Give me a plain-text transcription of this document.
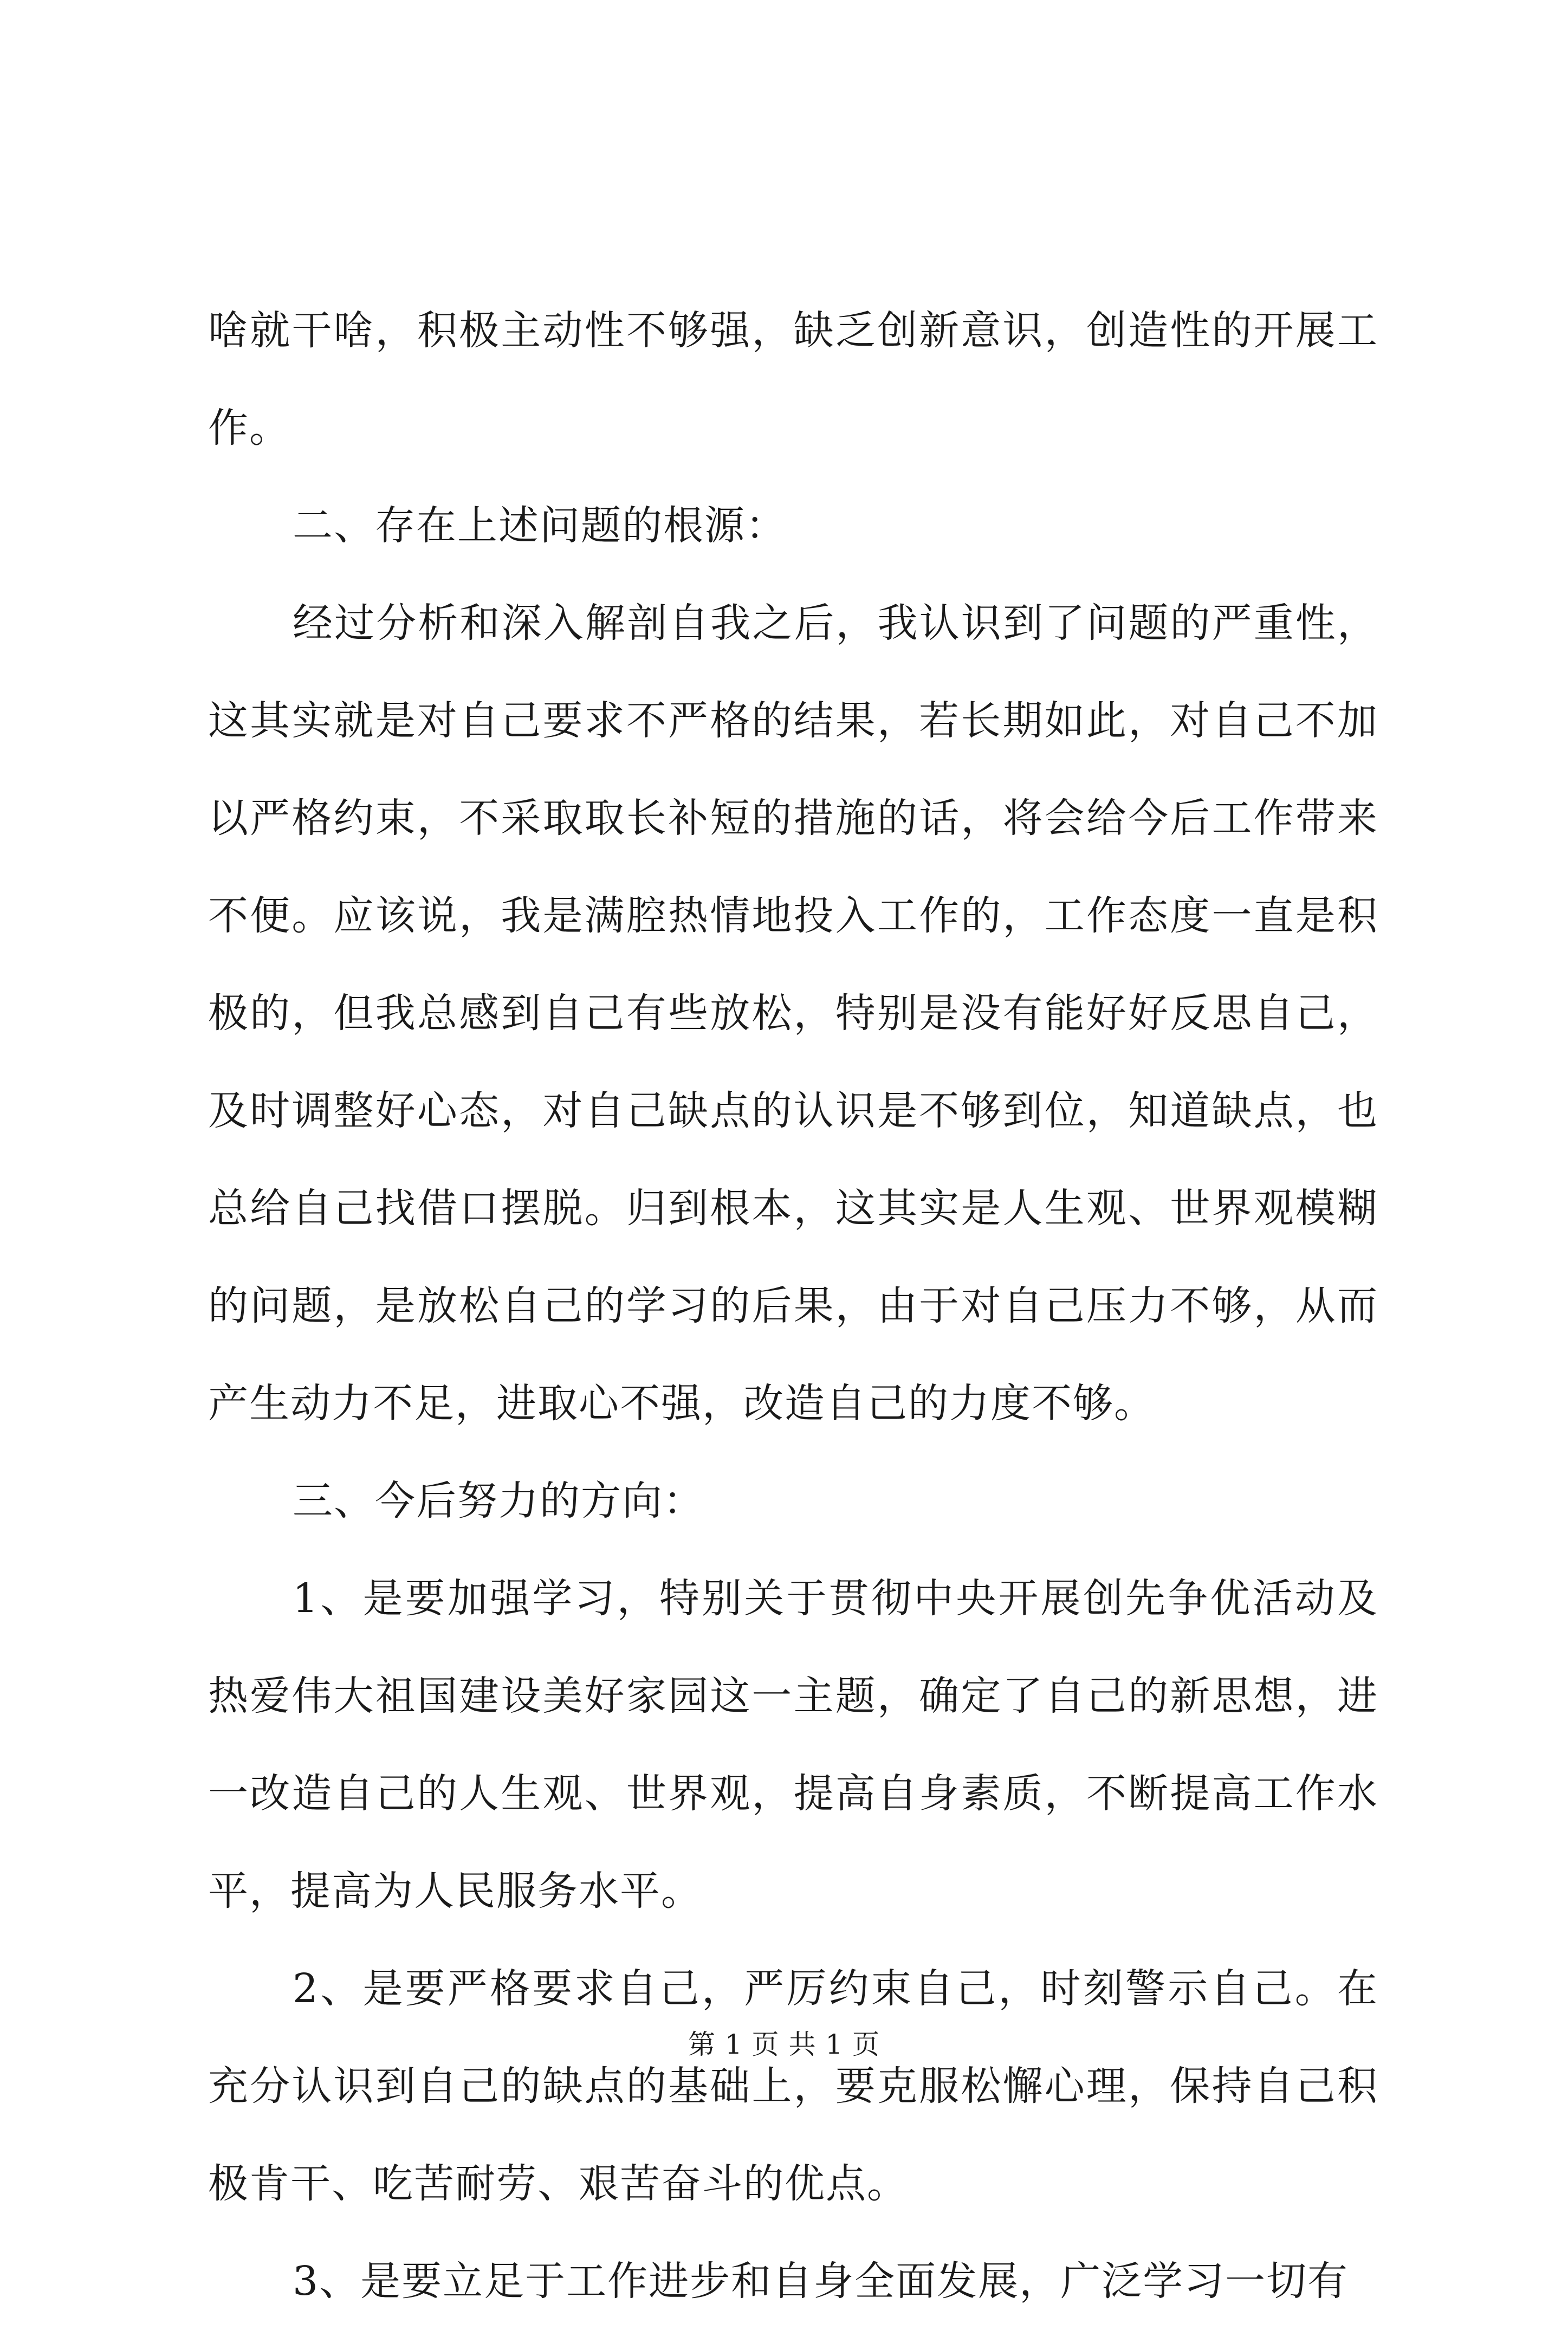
啥就干啥，积极主动性不够强，缺乏创新意识，创造性的开展工作。

二、存在上述问题的根源：

经过分析和深入解剖自我之后，我认识到了问题的严重性，这其实就是对自己要求不严格的结果，若长期如此，对自己不加以严格约束，不采取取长补短的措施的话，将会给今后工作带来不便。应该说，我是满腔热情地投入工作的，工作态度一直是积极的，但我总感到自己有些放松，特别是没有能好好反思自己，及时调整好心态，对自己缺点的认识是不够到位，知道缺点，也总给自己找借口摆脱。归到根本，这其实是人生观、世界观模糊的问题，是放松自己的学习的后果，由于对自己压力不够，从而产生动力不足，进取心不强，改造自己的力度不够。

三、今后努力的方向：

1、是要加强学习，特别关于贯彻中央开展创先争优活动及热爱伟大祖国建设美好家园这一主题，确定了自己的新思想，进一改造自己的人生观、世界观，提高自身素质，不断提高工作水平，提高为人民服务水平。

2、是要严格要求自己，严厉约束自己，时刻警示自己。在充分认识到自己的缺点的基础上，要克服松懈心理，保持自己积极肯干、吃苦耐劳、艰苦奋斗的优点。

3、是要立足于工作进步和自身全面发展，广泛学习一切有

第 1 页 共 1 页
